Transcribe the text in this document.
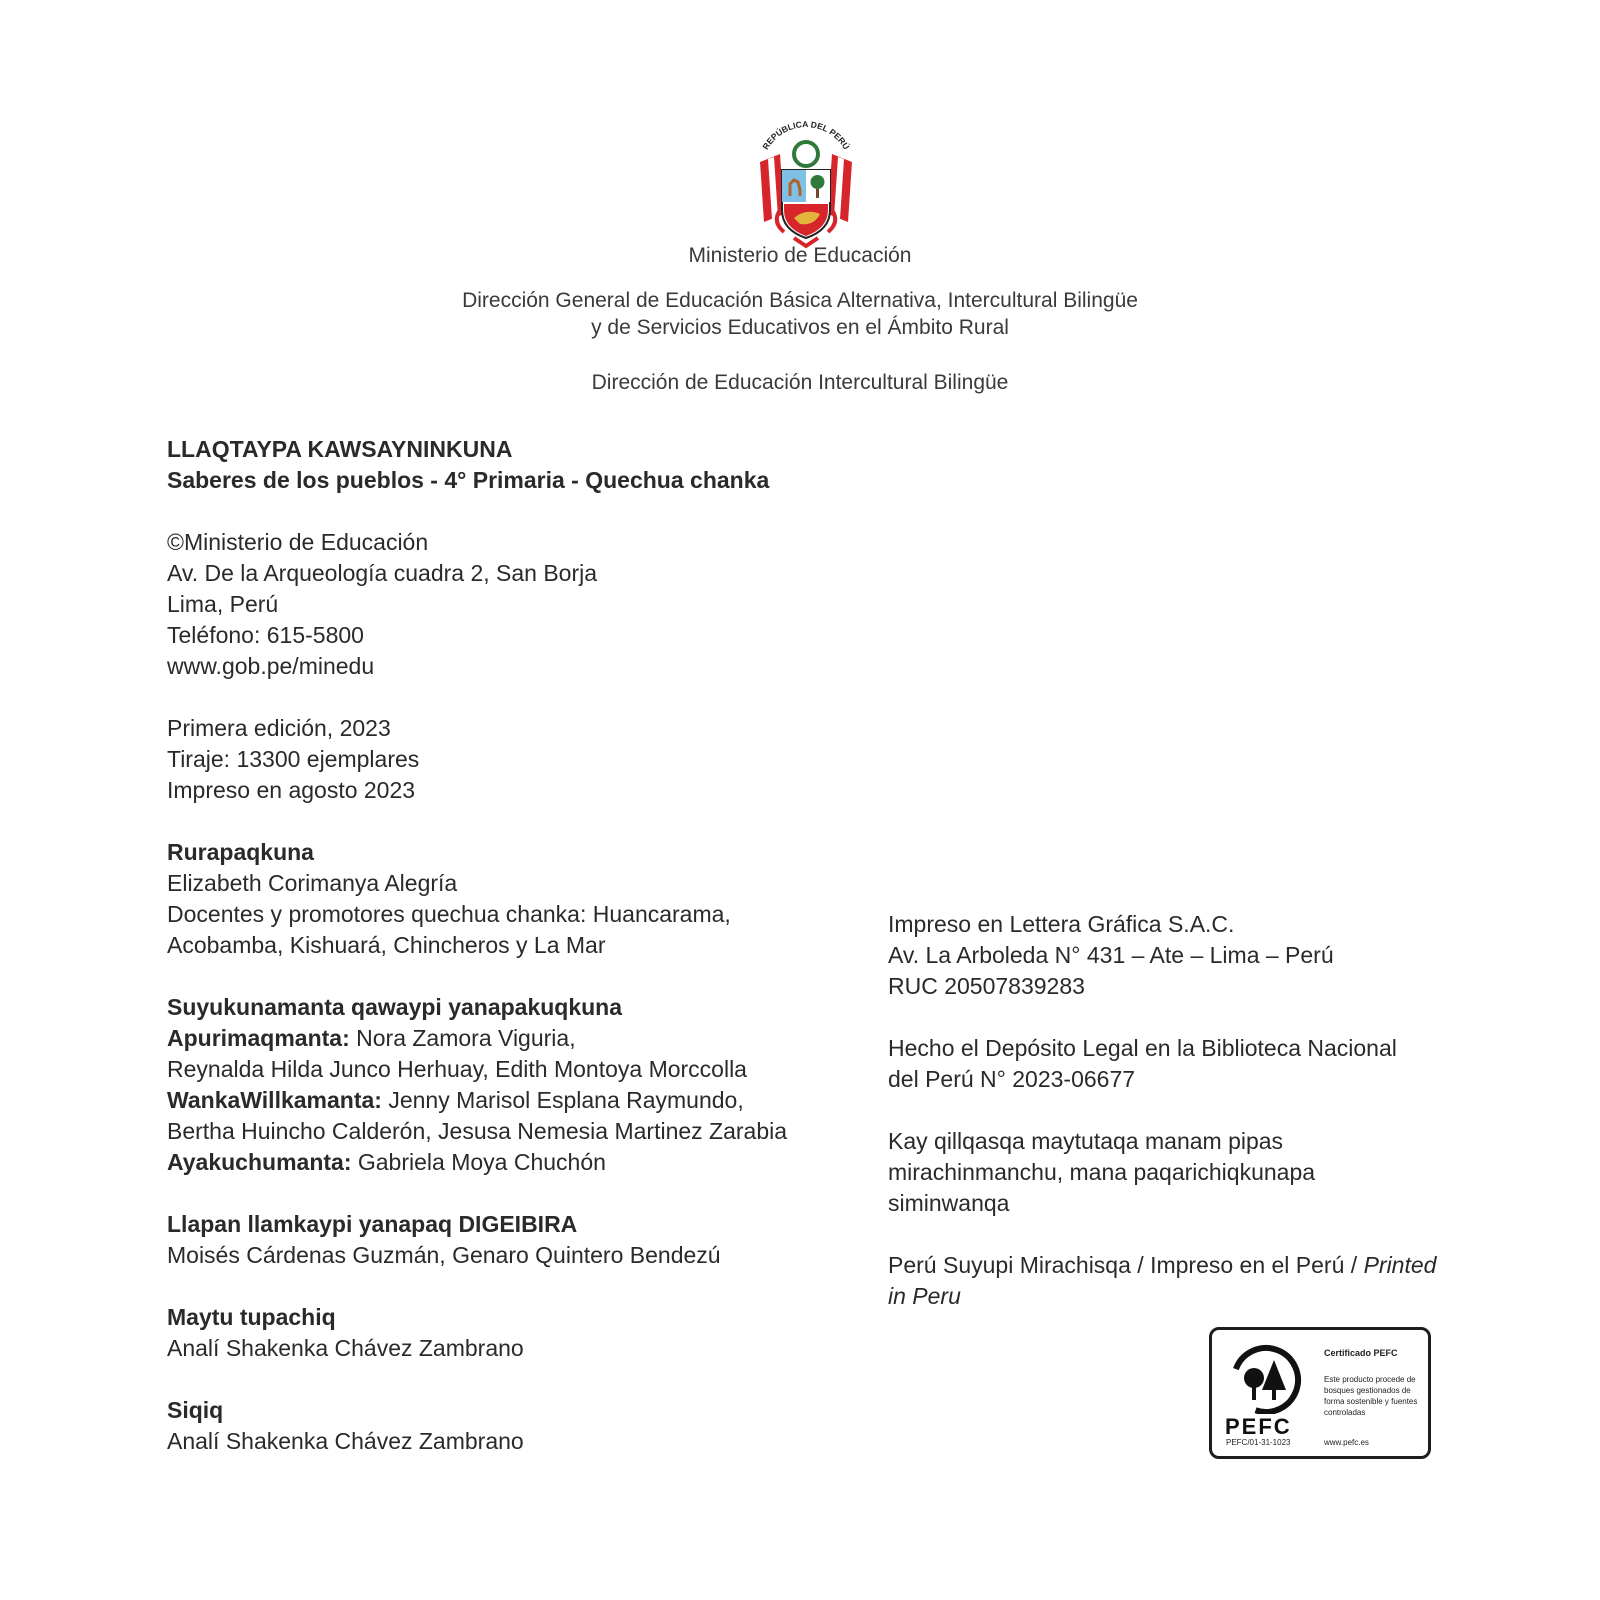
REPÚBLICA DEL PERÚ
Ministerio de Educación
Dirección General de Educación Básica Alternativa, Intercultural Bilingüe
y de Servicios Educativos en el Ámbito Rural
Dirección de Educación Intercultural Bilingüe

LLAQTAYPA KAWSAYNINKUNA

Saberes de los pueblos - 4° Primaria - Quechua chanka

©Ministerio de Educación

Av. De la Arqueología cuadra 2, San Borja

Lima, Perú

Teléfono: 615-5800

www.gob.pe/minedu

Primera edición, 2023

Tiraje: 13300 ejemplares

Impreso en agosto 2023

Rurapaqkuna

Elizabeth Corimanya Alegría

Docentes y promotores quechua chanka: Huancarama,

Acobamba, Kishuará, Chincheros y La Mar

Suyukunamanta qawaypi yanapakuqkuna

Apurimaqmanta: Nora Zamora Viguria,

Reynalda Hilda Junco Herhuay, Edith Montoya Morccolla

WankaWillkamanta: Jenny Marisol Esplana Raymundo,

Bertha Huincho Calderón, Jesusa Nemesia Martinez Zarabia

Ayakuchumanta: Gabriela Moya Chuchón

Llapan llamkaypi yanapaq DIGEIBIRA

Moisés Cárdenas Guzmán, Genaro Quintero Bendezú

Maytu tupachiq

Analí Shakenka Chávez Zambrano

Siqiq

Analí Shakenka Chávez Zambrano

Impreso en Lettera Gráfica S.A.C.

Av. La Arboleda N° 431 – Ate – Lima – Perú

RUC 20507839283

Hecho el Depósito Legal en la Biblioteca Nacional

del Perú N° 2023-06677

Kay qillqasqa maytutaqa manam pipas

mirachinmanchu, mana paqarichiqkunapa

siminwanqa

Perú Suyupi Mirachisqa / Impreso en el Perú / Printed

in Peru

PEFC
PEFC/01-31-1023
Certificado PEFC
Este producto procede de bosques gestionados de forma sostenible y fuentes controladas
www.pefc.es
